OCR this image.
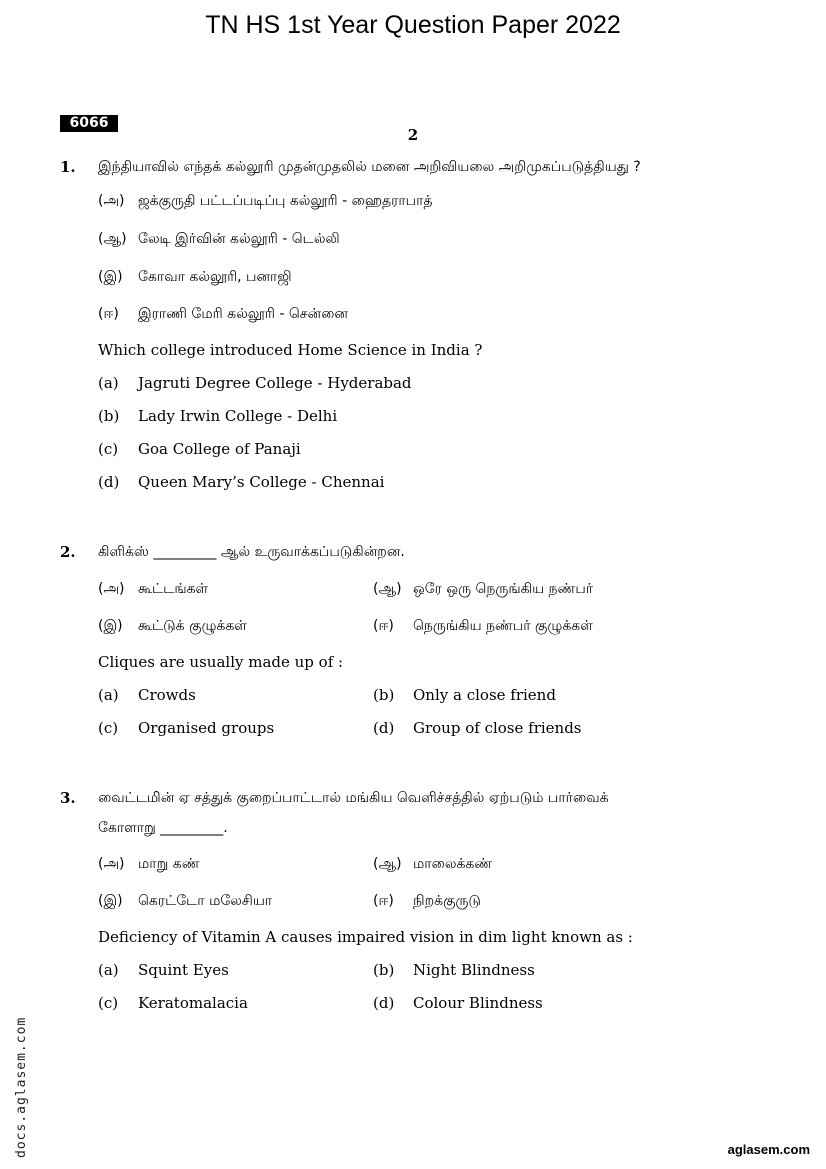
TN HS 1st Year Question Paper 2022
6066
2
1. இந்தியாவில் எந்தக் கல்லூரி முதன்முதலில் மனை அறிவியலை அறிமுகப்படுத்தியது ?
(அ) ஜக்குருதி பட்டப்படிப்பு கல்லூரி - ஹைதராபாத்
(ஆ) லேடி இர்வின் கல்லூரி - டெல்லி
(இ) கோவா கல்லூரி, பனாஜி
(ஈ) இராணி மேரி கல்லூரி - சென்னை
Which college introduced Home Science in India ?
(a) Jagruti Degree College - Hyderabad
(b) Lady Irwin College - Delhi
(c) Goa College of Panaji
(d) Queen Mary’s College - Chennai
2. கிளிக்ஸ் _________ ஆல் உருவாக்கப்படுகின்றன.
(அ) கூட்டங்கள்	(ஆ) ஒரே ஒரு நெருங்கிய நண்பர்
(இ) கூட்டுக் குழுக்கள்	(ஈ) நெருங்கிய நண்பர் குழுக்கள்
Cliques are usually made up of :
(a) Crowds	(b) Only a close friend
(c) Organised groups	(d) Group of close friends
3. வைட்டமின் ஏ சத்துக் குறைப்பாட்டால் மங்கிய வெளிச்சத்தில் ஏற்படும் பார்வைக்
கோளாறு _________.
(அ) மாறு கண்	(ஆ) மாலைக்கண்
(இ) கெரட்டோ மலேசியா	(ஈ) நிறக்குருடு
Deficiency of Vitamin A causes impaired vision in dim light known as :
(a) Squint Eyes	(b) Night Blindness
(c) Keratomalacia	(d) Colour Blindness
docs.aglasem.com	aglasem.com
